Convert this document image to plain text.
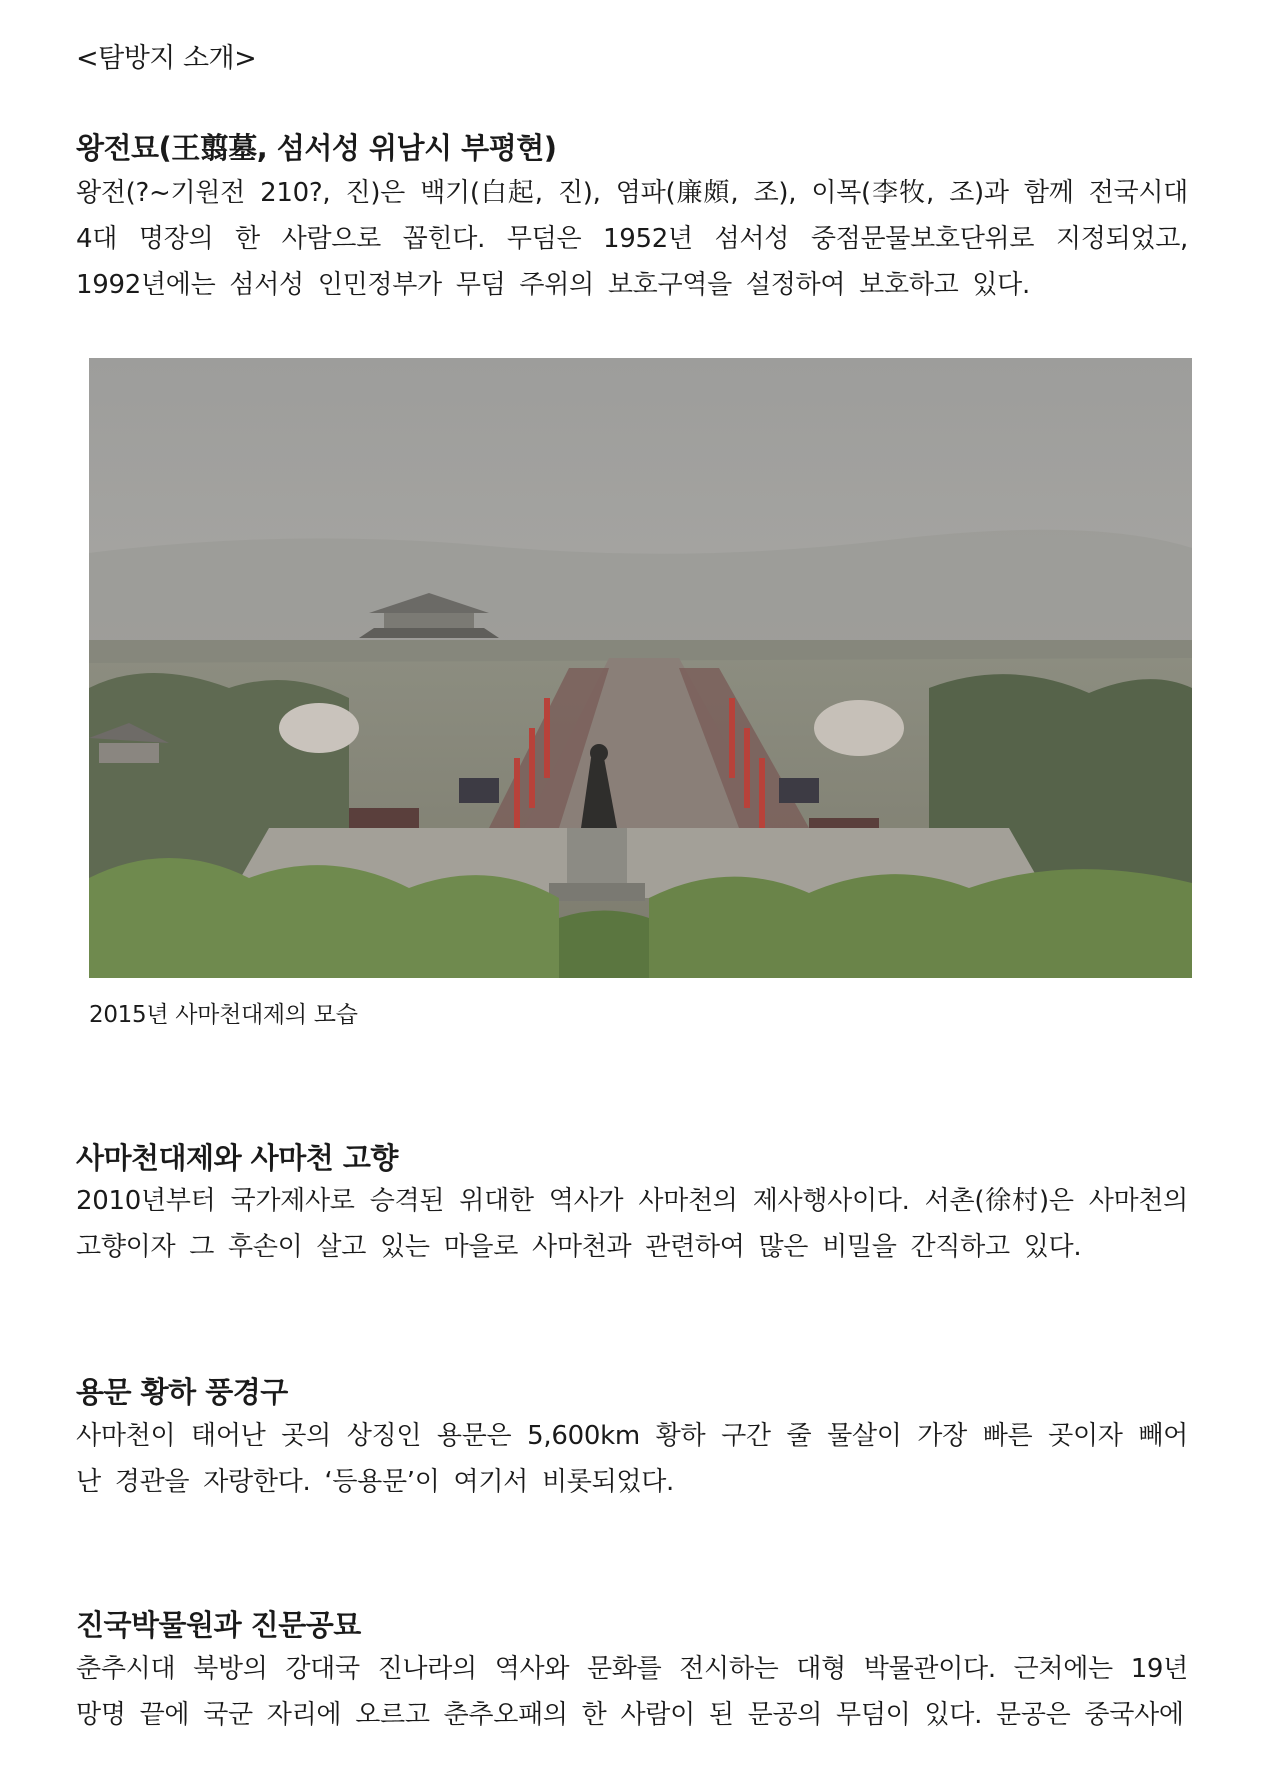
<탐방지 소개>
왕전묘(王翦墓, 섬서성 위남시 부평현)
왕전(?~기원전 210?, 진)은 백기(白起, 진), 염파(廉頗, 조), 이목(李牧, 조)과 함께 전국시대 4대 명장의 한 사람으로 꼽힌다. 무덤은 1952년 섬서성 중점문물보호단위로 지정되었고, 1992년에는 섬서성 인민정부가 무덤 주위의 보호구역을 설정하여 보호하고 있다.
2015년 사마천대제의 모습
사마천대제와 사마천 고향
2010년부터 국가제사로 승격된 위대한 역사가 사마천의 제사행사이다. 서촌(徐村)은 사마천의 고향이자 그 후손이 살고 있는 마을로 사마천과 관련하여 많은 비밀을 간직하고 있다.
용문 황하 풍경구
사마천이 태어난 곳의 상징인 용문은 5,600km 황하 구간 줄 물살이 가장 빠른 곳이자 빼어난 경관을 자랑한다. ‘등용문’이 여기서 비롯되었다.
진국박물원과 진문공묘
춘추시대 북방의 강대국 진나라의 역사와 문화를 전시하는 대형 박물관이다. 근처에는 19년 망명 끝에 국군 자리에 오르고 춘추오패의 한 사람이 된 문공의 무덤이 있다. 문공은 중국사에
